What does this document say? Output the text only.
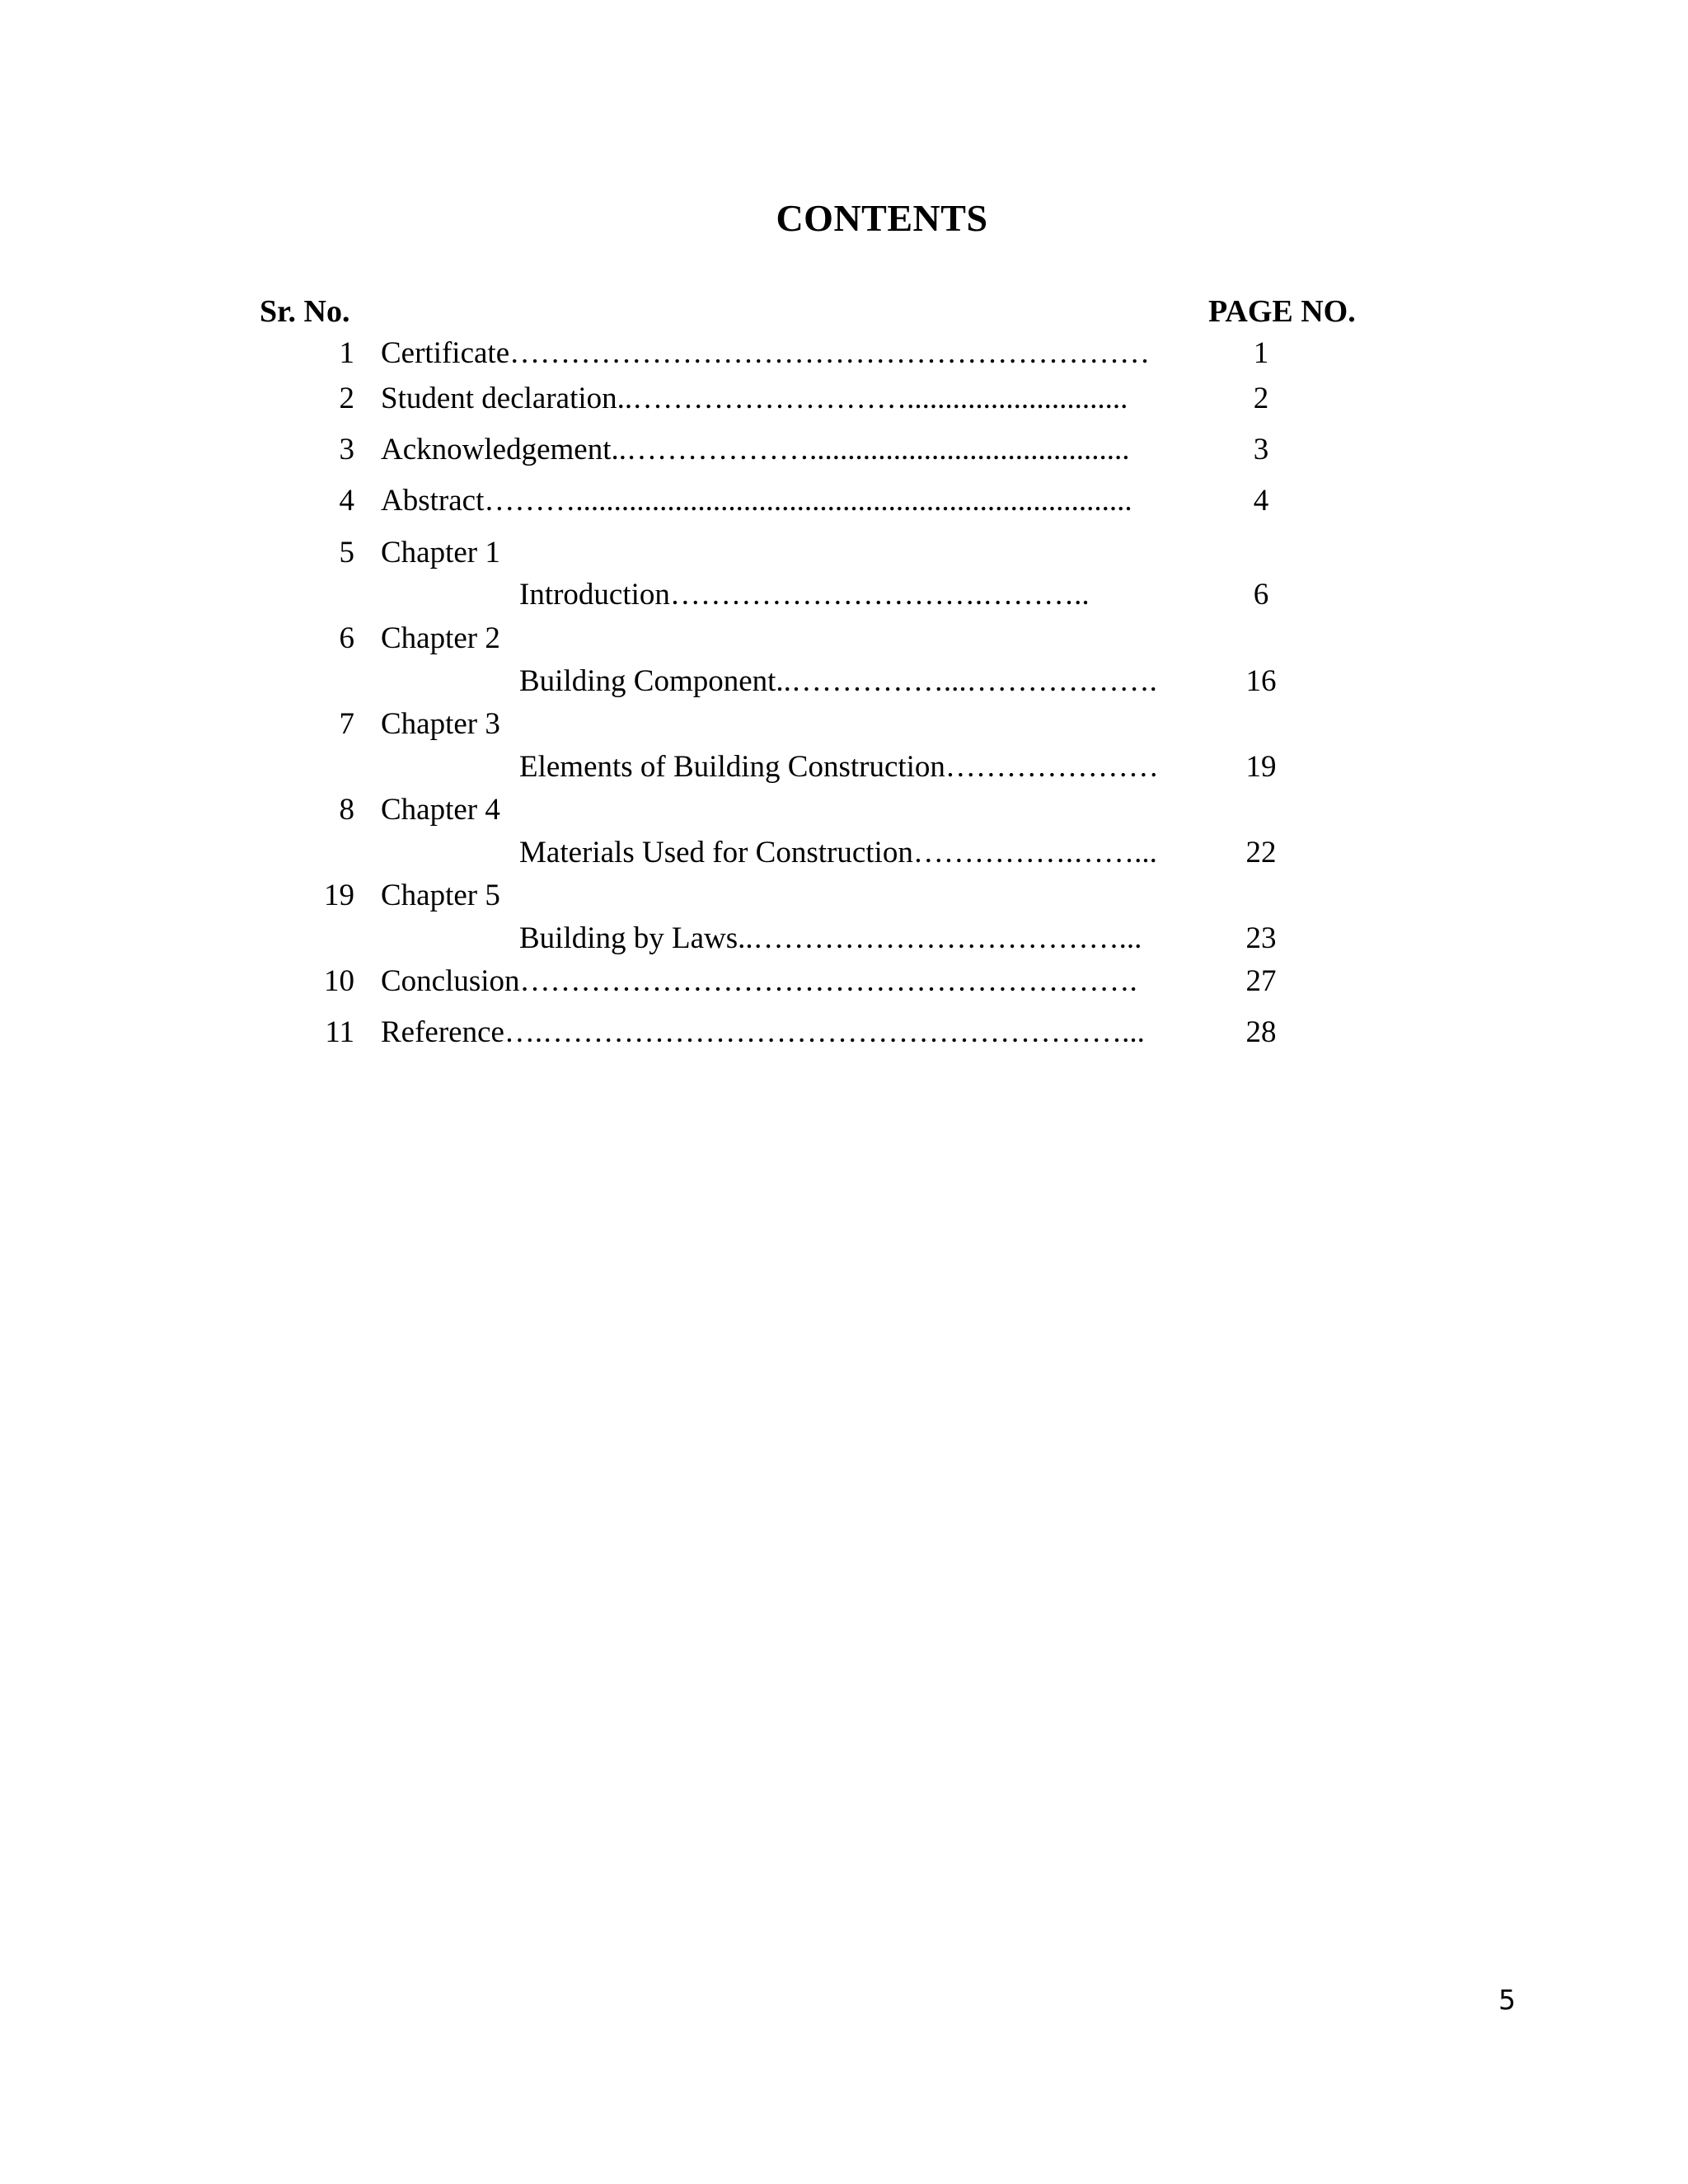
CONTENTS
Sr. No.	PAGE NO.
1 Certificate………………………………………………………	1
2 Student declaration..……………………….............................	2
3 Acknowledgement..………………..........................................	3
4 Abstract……….........................................................................	4
5 Chapter 1
Introduction………………………….………..	6
6 Chapter 2
Building Component..……………...……………….	16
7 Chapter 3
Elements of Building Construction…………………	19
8 Chapter 4
Materials Used for Construction…………….……...	22
19 Chapter 5
Building by Laws..………………………………...	23
10 Conclusion…………………………………………………….	27
11 Reference….…………………………………………………...	28
5
